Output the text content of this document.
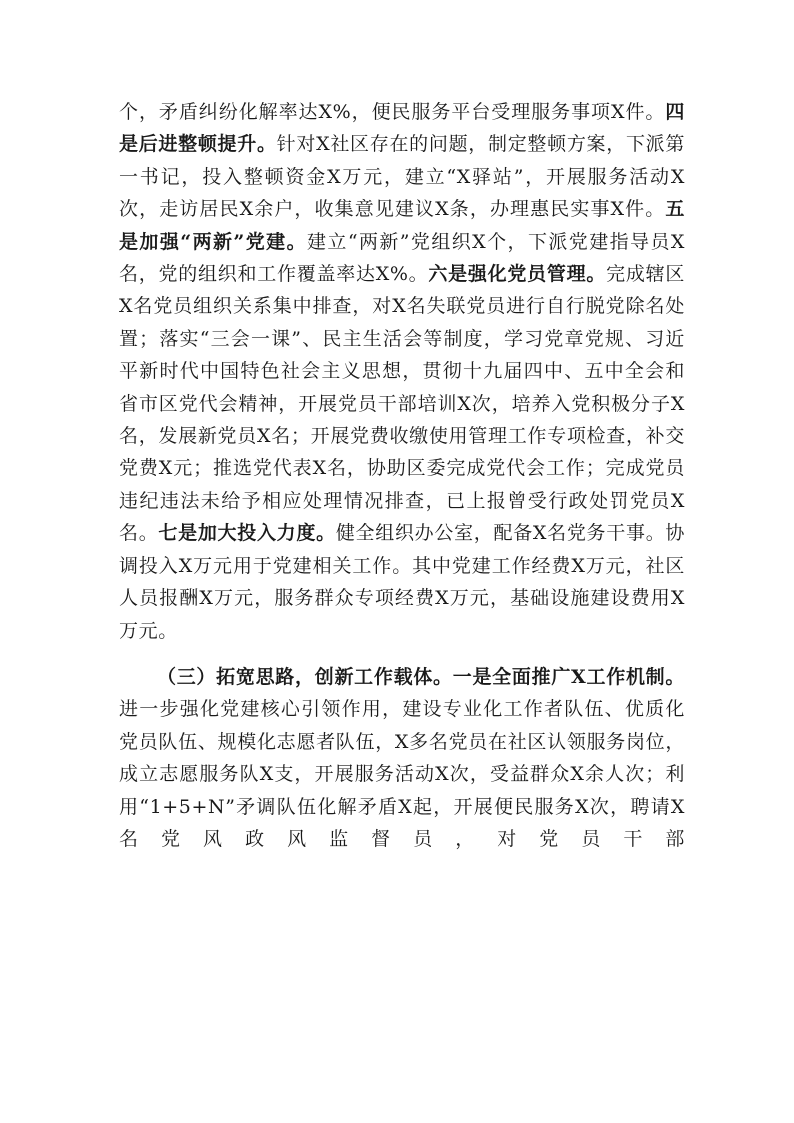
个，矛盾纠纷化解率达X%，便民服务平台受理服务事项X件。四是后进整顿提升。针对X社区存在的问题，制定整顿方案，下派第一书记，投入整顿资金X万元，建立“X驿站”，开展服务活动X次，走访居民X余户，收集意见建议X条，办理惠民实事X件。五是加强“两新”党建。建立“两新”党组织X个，下派党建指导员X名，党的组织和工作覆盖率达X%。六是强化党员管理。完成辖区X名党员组织关系集中排查，对X名失联党员进行自行脱党除名处置；落实“三会一课”、民主生活会等制度，学习党章党规、习近平新时代中国特色社会主义思想，贯彻十九届四中、五中全会和省市区党代会精神，开展党员干部培训X次，培养入党积极分子X名，发展新党员X名；开展党费收缴使用管理工作专项检查，补交党费X元；推选党代表X名，协助区委完成党代会工作；完成党员违纪违法未给予相应处理情况排查，已上报曾受行政处罚党员X名。七是加大投入力度。健全组织办公室，配备X名党务干事。协调投入X万元用于党建相关工作。其中党建工作经费X万元，社区人员报酬X万元，服务群众专项经费X万元，基础设施建设费用X万元。

（三）拓宽思路，创新工作载体。一是全面推广X工作机制。进一步强化党建核心引领作用，建设专业化工作者队伍、优质化党员队伍、规模化志愿者队伍，X多名党员在社区认领服务岗位，成立志愿服务队X支，开展服务活动X次，受益群众X余人次；利用“1+5+N”矛调队伍化解矛盾X起，开展便民服务X次，聘请X名党风政风监督员，对党员干部
